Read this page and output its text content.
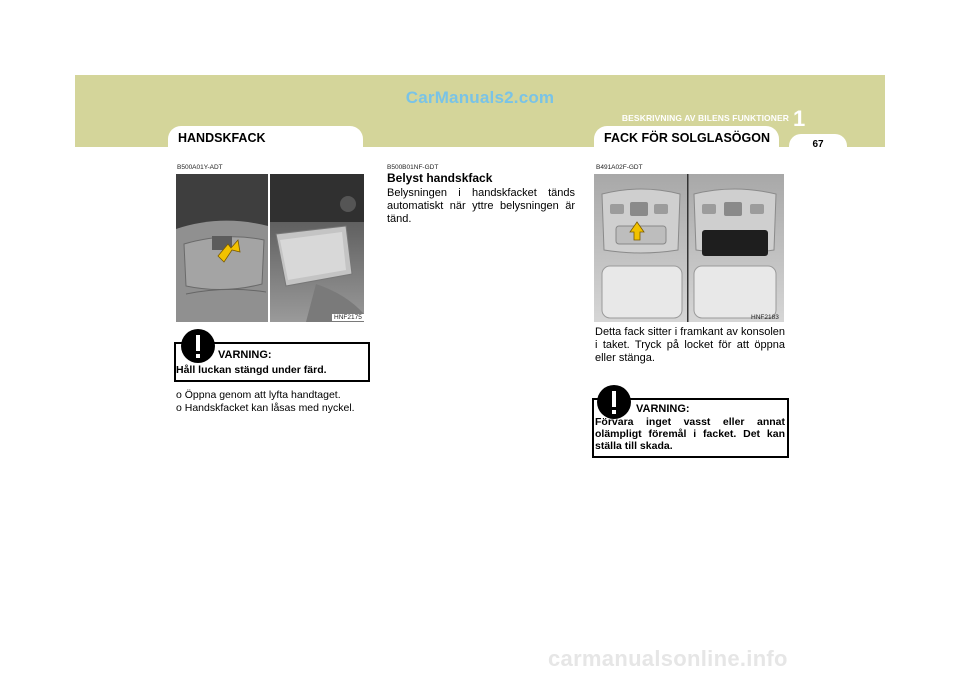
CarManuals2.com
1
BESKRIVNING AV BILENS FUNKTIONER
67
HANDSKFACK	FACK FÖR SOLGLASÖGON
B500A01Y-ADT
HNF2175
VARNING:
Håll luckan stängd under färd.
o Öppna genom att lyfta handtaget.
o Handskfacket kan låsas med nyckel.
B500B01NF-GDT
Belyst handskfack
Belysningen i handskfacket tänds automatiskt när yttre belysningen är tänd.
B491A02F-GDT
HNF2183
Detta fack sitter i framkant av konsolen i taket. Tryck på locket för att öppna eller stänga.
VARNING:
Förvara inget vasst eller annat olämpligt föremål i facket. Det kan ställa till skada.
carmanualsonline.info
